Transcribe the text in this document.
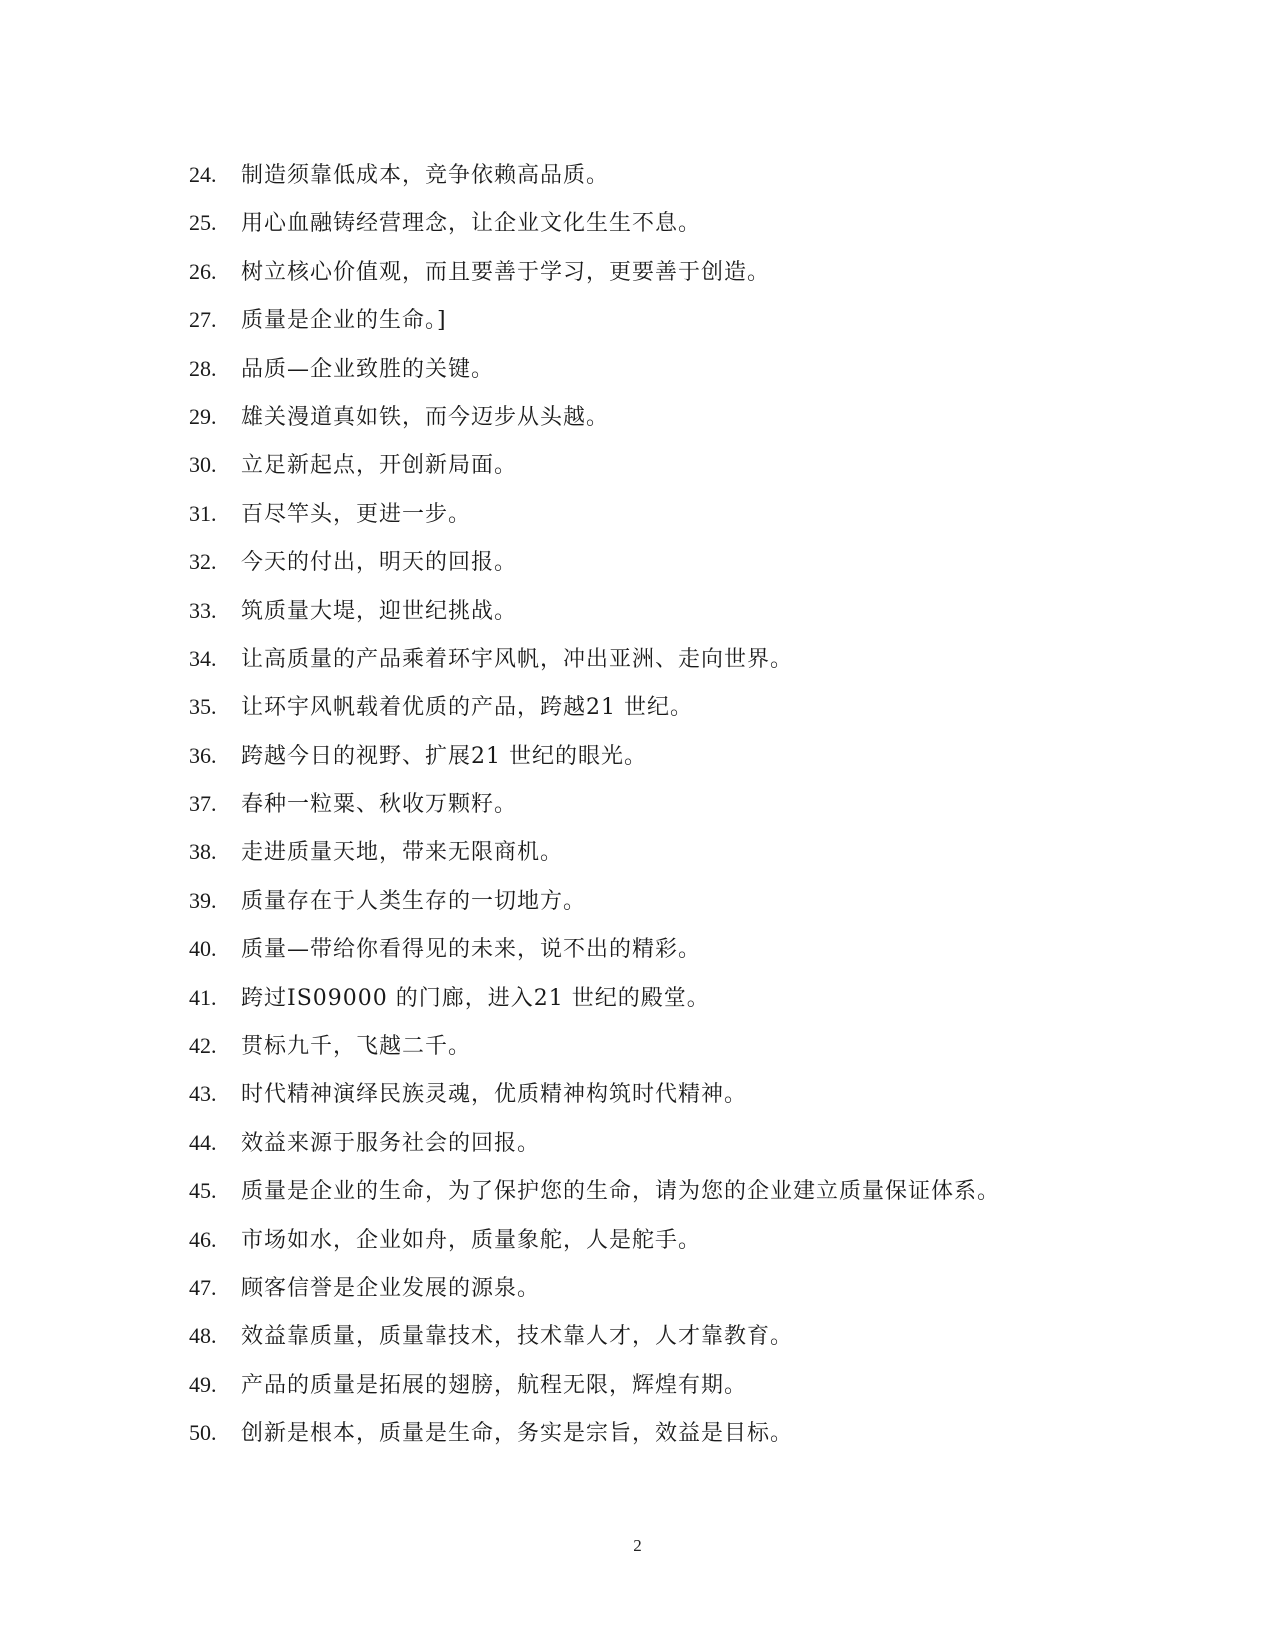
24.	制造须靠低成本，竞争依赖高品质。
25.	用心血融铸经营理念，让企业文化生生不息。
26.	树立核心价值观，而且要善于学习，更要善于创造。
27.	质量是企业的生命。]
28.	品质—企业致胜的关键。
29.	雄关漫道真如铁，而今迈步从头越。
30.	立足新起点，开创新局面。
31.	百尽竿头，更进一步。
32.	今天的付出，明天的回报。
33.	筑质量大堤，迎世纪挑战。
34.	让高质量的产品乘着环宇风帆，冲出亚洲、走向世界。
35.	让环宇风帆载着优质的产品，跨越21 世纪。
36.	跨越今日的视野、扩展21 世纪的眼光。
37.	春种一粒粟、秋收万颗籽。
38.	走进质量天地，带来无限商机。
39.	质量存在于人类生存的一切地方。
40.	质量—带给你看得见的未来，说不出的精彩。
41.	跨过IS09000 的门廊，进入21 世纪的殿堂。
42.	贯标九千，飞越二千。
43.	时代精神演绎民族灵魂，优质精神构筑时代精神。
44.	效益来源于服务社会的回报。
45.	质量是企业的生命，为了保护您的生命，请为您的企业建立质量保证体系。
46.	市场如水，企业如舟，质量象舵，人是舵手。
47.	顾客信誉是企业发展的源泉。
48.	效益靠质量，质量靠技术，技术靠人才，人才靠教育。
49.	产品的质量是拓展的翅膀，航程无限，辉煌有期。
50.	创新是根本，质量是生命，务实是宗旨，效益是目标。
2
